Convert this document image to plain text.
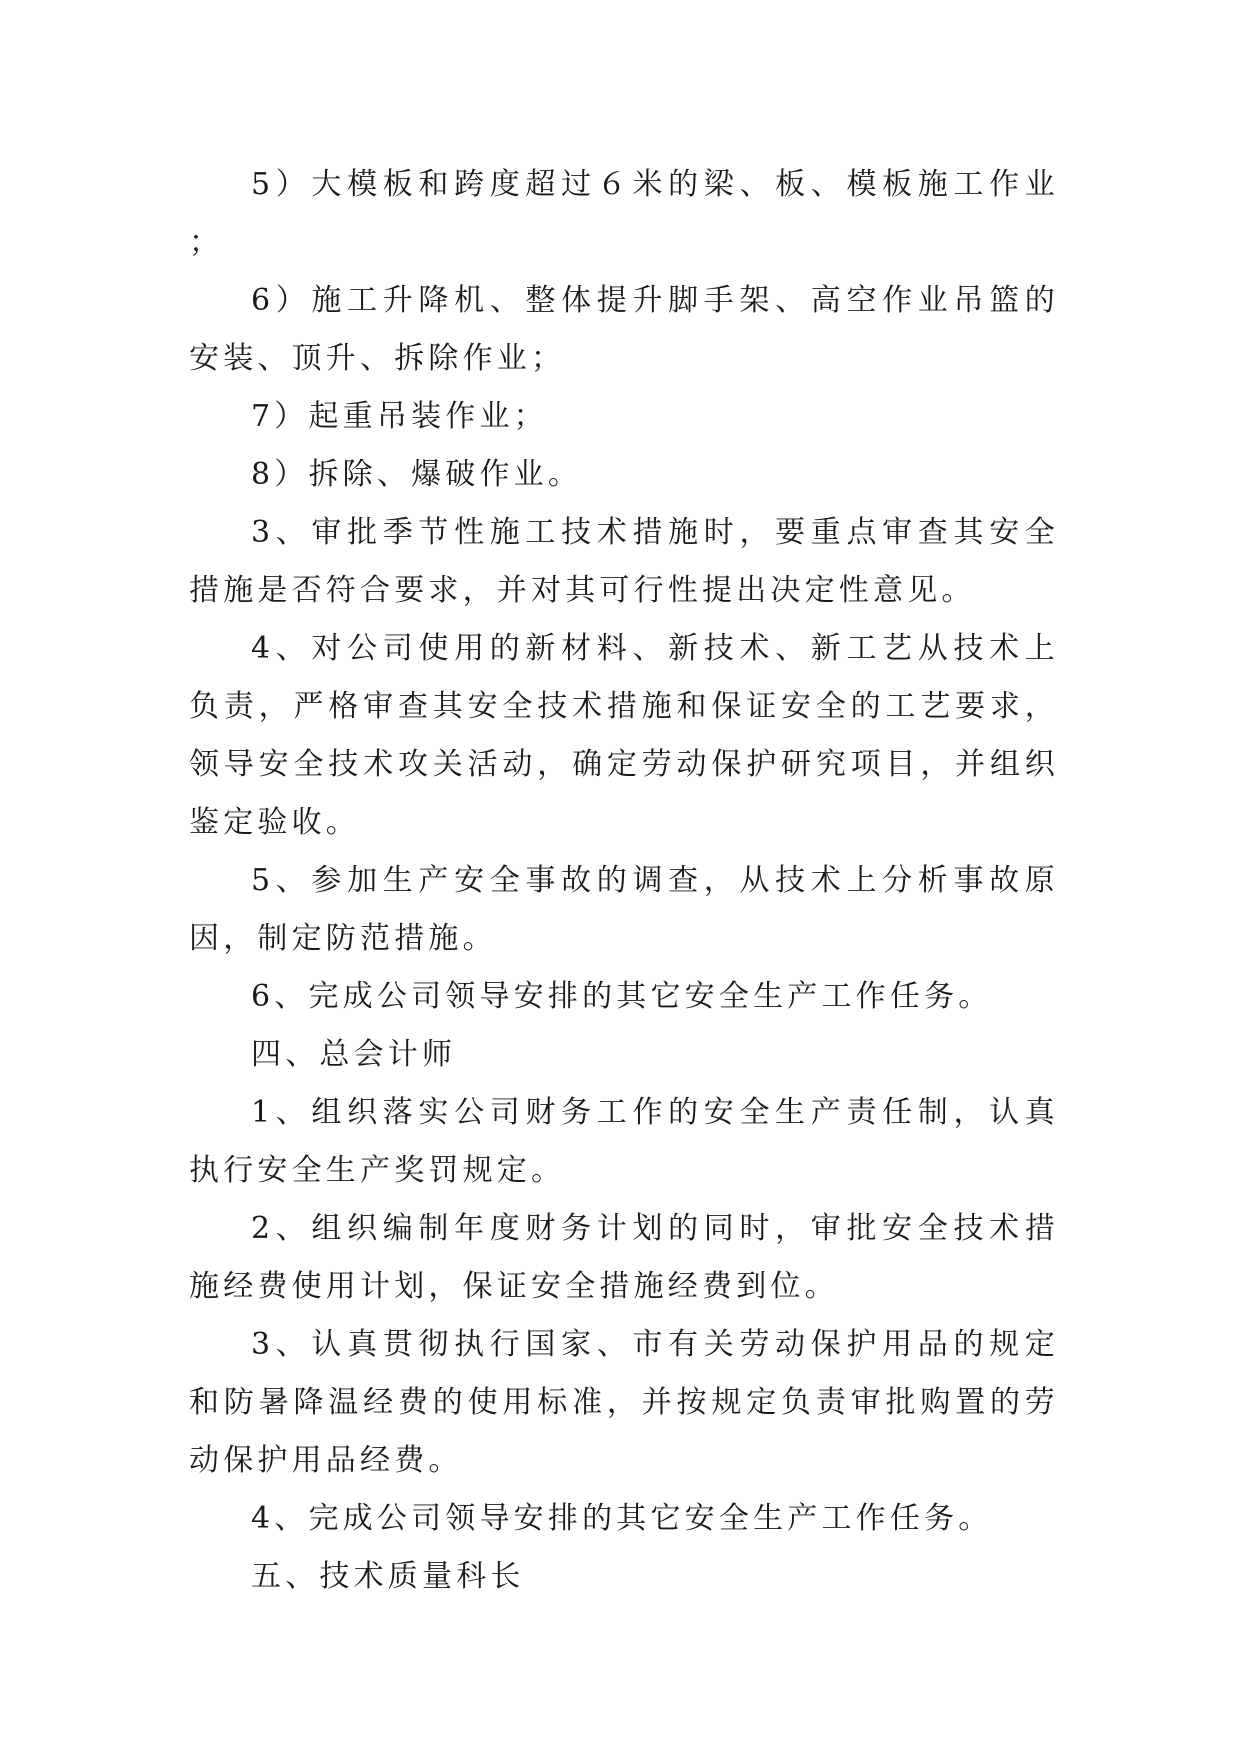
5）大模板和跨度超过６米的梁、板、模板施工作业；

6）施工升降机、整体提升脚手架、高空作业吊篮的安装、顶升、拆除作业；

7）起重吊装作业；

8）拆除、爆破作业。

3、审批季节性施工技术措施时，要重点审查其安全措施是否符合要求，并对其可行性提出决定性意见。

4、对公司使用的新材料、新技术、新工艺从技术上负责，严格审查其安全技术措施和保证安全的工艺要求，领导安全技术攻关活动，确定劳动保护研究项目，并组织鉴定验收。

5、参加生产安全事故的调查，从技术上分析事故原因，制定防范措施。

6、完成公司领导安排的其它安全生产工作任务。

四、总会计师

1、组织落实公司财务工作的安全生产责任制，认真执行安全生产奖罚规定。

2、组织编制年度财务计划的同时，审批安全技术措施经费使用计划，保证安全措施经费到位。

3、认真贯彻执行国家、市有关劳动保护用品的规定和防暑降温经费的使用标准，并按规定负责审批购置的劳动保护用品经费。

4、完成公司领导安排的其它安全生产工作任务。

五、技术质量科长
